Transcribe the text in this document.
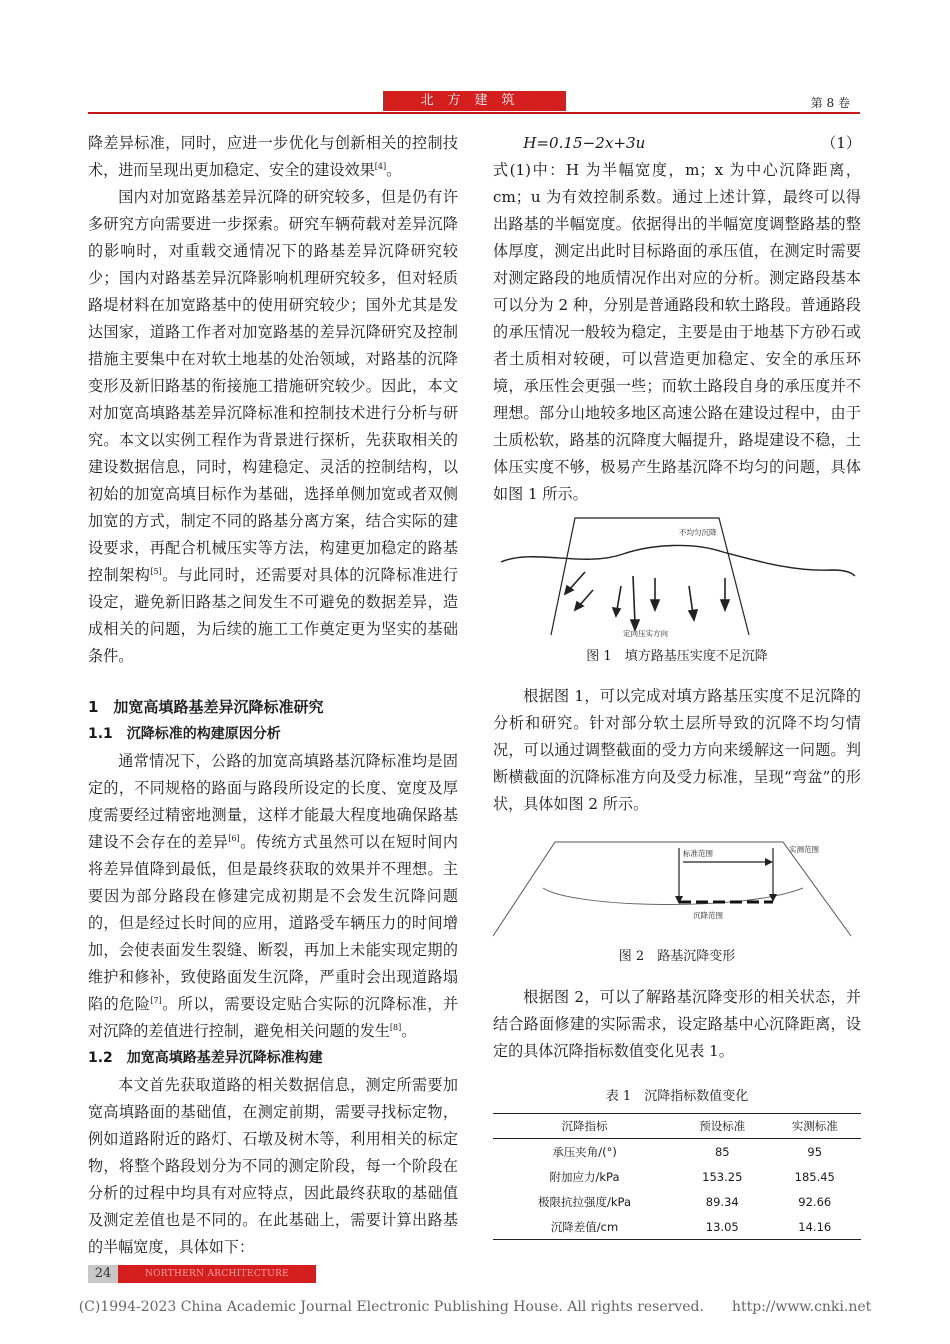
北方建筑	第 8 卷

降差异标准，同时，应进一步优化与创新相关的控制技术，进而呈现出更加稳定、安全的建设效果[4]。

国内对加宽路基差异沉降的研究较多，但是仍有许多研究方向需要进一步探索。研究车辆荷载对差异沉降的影响时，对重载交通情况下的路基差异沉降研究较少；国内对路基差异沉降影响机理研究较多，但对轻质路堤材料在加宽路基中的使用研究较少；国外尤其是发达国家，道路工作者对加宽路基的差异沉降研究及控制措施主要集中在对软土地基的处治领域，对路基的沉降变形及新旧路基的衔接施工措施研究较少。因此，本文对加宽高填路基差异沉降标准和控制技术进行分析与研究。本文以实例工程作为背景进行探析，先获取相关的建设数据信息，同时，构建稳定、灵活的控制结构，以初始的加宽高填目标作为基础，选择单侧加宽或者双侧加宽的方式，制定不同的路基分离方案，结合实际的建设要求，再配合机械压实等方法，构建更加稳定的路基控制架构[5]。与此同时，还需要对具体的沉降标准进行设定，避免新旧路基之间发生不可避免的数据差异，造成相关的问题，为后续的施工工作奠定更为坚实的基础条件。

1　加宽高填路基差异沉降标准研究

1.1　沉降标准的构建原因分析

通常情况下，公路的加宽高填路基沉降标准均是固定的，不同规格的路面与路段所设定的长度、宽度及厚度需要经过精密地测量，这样才能最大程度地确保路基建设不会存在的差异[6]。传统方式虽然可以在短时间内将差异值降到最低，但是最终获取的效果并不理想。主要因为部分路段在修建完成初期是不会发生沉降问题的，但是经过长时间的应用，道路受车辆压力的时间增加，会使表面发生裂缝、断裂，再加上未能实现定期的维护和修补，致使路面发生沉降，严重时会出现道路塌陷的危险[7]。所以，需要设定贴合实际的沉降标准，并对沉降的差值进行控制，避免相关问题的发生[8]。

1.2　加宽高填路基差异沉降标准构建

本文首先获取道路的相关数据信息，测定所需要加宽高填路面的基础值，在测定前期，需要寻找标定物，例如道路附近的路灯、石墩及树木等，利用相关的标定物，将整个路段划分为不同的测定阶段，每一个阶段在分析的过程中均具有对应特点，因此最终获取的基础值及测定差值也是不同的。在此基础上，需要计算出路基的半幅宽度，具体如下：

H=0.15−2x+3u	（1）

式(1)中：H 为半幅宽度，m；x 为中心沉降距离，cm；u 为有效控制系数。通过上述计算，最终可以得出路基的半幅宽度。依据得出的半幅宽度调整路基的整体厚度，测定出此时目标路面的承压值，在测定时需要对测定路段的地质情况作出对应的分析。测定路段基本可以分为 2 种，分别是普通路段和软土路段。普通路段的承压情况一般较为稳定，主要是由于地基下方砂石或者土质相对较硬，可以营造更加稳定、安全的承压环境，承压性会更强一些；而软土路段自身的承压度并不理想。部分山地较多地区高速公路在建设过程中，由于土质松软，路基的沉降度大幅提升，路堤建设不稳，土体压实度不够，极易产生路基沉降不均匀的问题，具体如图 1 所示。

不均匀沉降
定向压实方向
图 1　填方路基压实度不足沉降

根据图 1，可以完成对填方路基压实度不足沉降的分析和研究。针对部分软土层所导致的沉降不均匀情况，可以通过调整截面的受力方向来缓解这一问题。判断横截面的沉降标准方向及受力标准，呈现“弯盆”的形状，具体如图 2 所示。

标准范围	实测范围
沉降范围
图 2　路基沉降变形

根据图 2，可以了解路基沉降变形的相关状态，并结合路面修建的实际需求，设定路基中心沉降距离，设定的具体沉降指标数值变化见表 1。

表 1　沉降指标数值变化
沉降指标	预设标准	实测标准
承压夹角/(°)	85	95
附加应力/kPa	153.25	185.45
极限抗拉强度/kPa	89.34	92.66
沉降差值/cm	13.05	14.16
24	NORTHERN ARCHITECTURE
(C)1994-2023 China Academic Journal Electronic Publishing House. All rights reserved.　　http://www.cnki.net
